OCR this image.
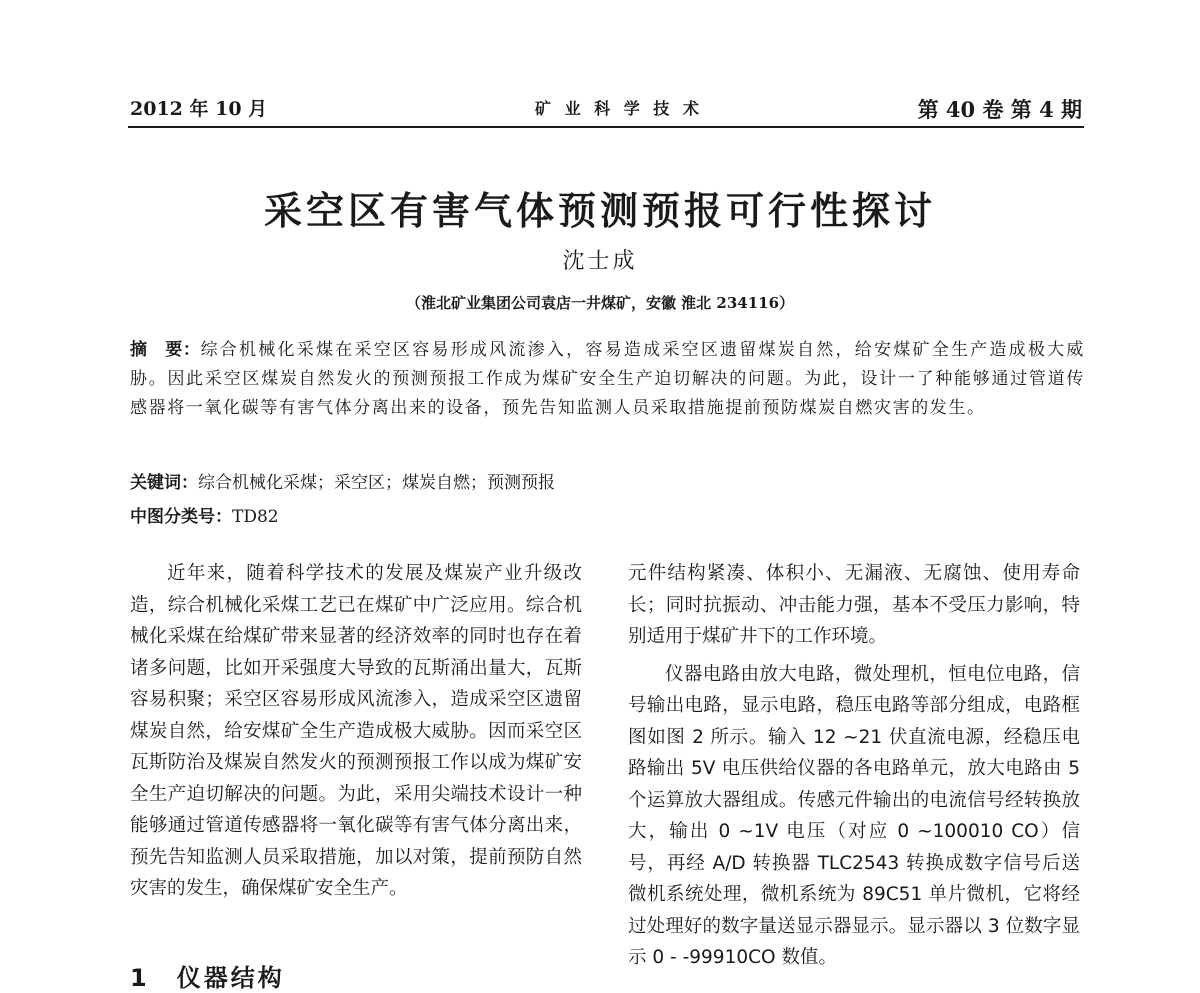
2012 年 10 月	矿 业 科 学 技 术	第 40 卷 第 4 期
采空区有害气体预测预报可行性探讨
沈士成
（淮北矿业集团公司袁店一井煤矿，安徽 淮北 234116）
摘　要：综合机械化采煤在采空区容易形成风流渗入，容易造成采空区遗留煤炭自然，给安煤矿全生产造成极大威胁。因此采空区煤炭自然发火的预测预报工作成为煤矿安全生产迫切解决的问题。为此，设计一了种能够通过管道传感器将一氧化碳等有害气体分离出来的设备，预先告知监测人员采取措施提前预防煤炭自燃灾害的发生。
关键词：综合机械化采煤；采空区；煤炭自燃；预测预报
中图分类号：TD82

近年来，随着科学技术的发展及煤炭产业升级改造，综合机械化采煤工艺已在煤矿中广泛应用。综合机械化采煤在给煤矿带来显著的经济效率的同时也存在着诸多问题，比如开采强度大导致的瓦斯涌出量大，瓦斯容易积聚；采空区容易形成风流渗入，造成采空区遗留煤炭自然，给安煤矿全生产造成极大威胁。因而采空区瓦斯防治及煤炭自然发火的预测预报工作以成为煤矿安全生产迫切解决的问题。为此，采用尖端技术设计一种能够通过管道传感器将一氧化碳等有害气体分离出来，预先告知监测人员采取措施，加以对策，提前预防自然灾害的发生，确保煤矿安全生产。

1　仪器结构

元件结构紧凑、体积小、无漏液、无腐蚀、使用寿命长；同时抗振动、冲击能力强，基本不受压力影响，特别适用于煤矿井下的工作环境。

仪器电路由放大电路，微处理机，恒电位电路，信号输出电路，显示电路，稳压电路等部分组成，电路框图如图 2 所示。输入 12 ~21 伏直流电源，经稳压电路输出 5V 电压供给仪器的各电路单元，放大电路由 5 个运算放大器组成。传感元件输出的电流信号经转换放大，输出 0 ~1V 电压（对应 0 ~100010 CO）信号，再经 A/D 转换器 TLC2543 转换成数字信号后送微机系统处理，微机系统为 89C51 单片微机，它将经过处理好的数字量送显示器显示。显示器以 3 位数字显示 0 - -99910CO 数值。
